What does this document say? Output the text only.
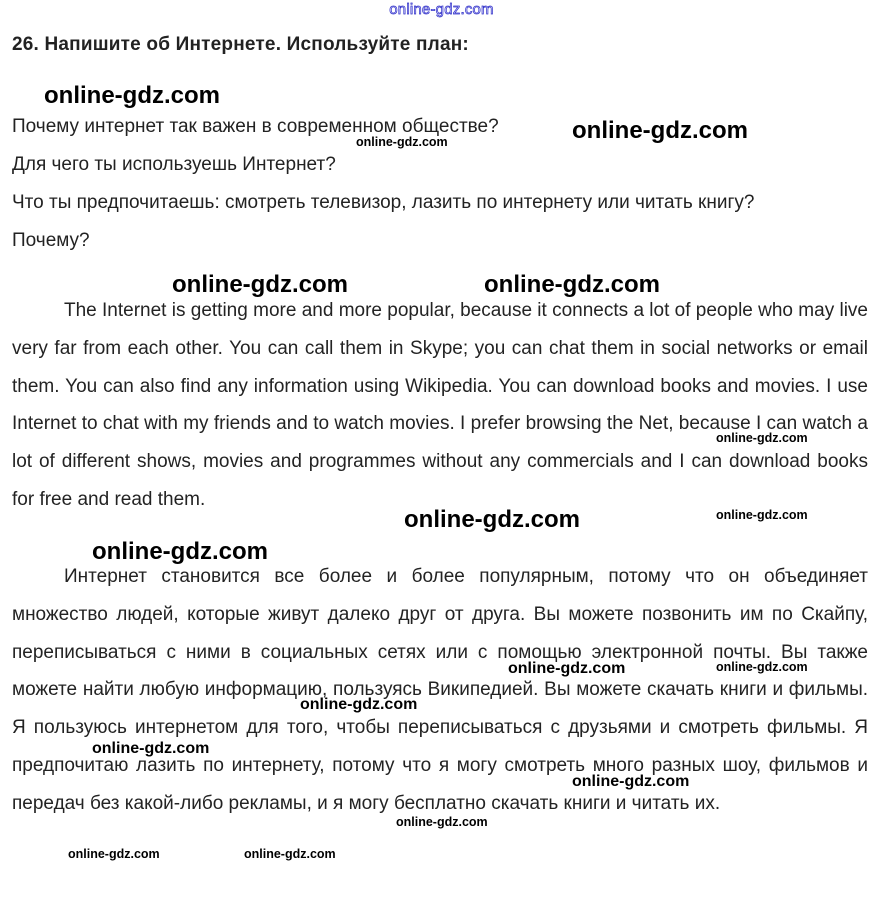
online-gdz.com
26. Напишите об Интернете. Используйте план:
Почему интернет так важен в современном обществе?
Для чего ты используешь Интернет?
Что ты предпочитаешь: смотреть телевизор, лазить по интернету или читать книгу?
Почему?

The Internet is getting more and more popular, because it connects a lot of people who may live very far from each other. You can call them in Skype; you can chat them in social networks or email them. You can also find any information using Wikipedia. You can download books and movies. I use Internet to chat with my friends and to watch movies. I prefer browsing the Net, because I can watch a lot of different shows, movies and programmes without any commercials and I can download books for free and read them.

Интернет становится все более и более популярным, потому что он объединяет множество людей, которые живут далеко друг от друга. Вы можете позвонить им по Скайпу, переписываться с ними в социальных сетях или с помощью электронной почты. Вы также можете найти любую информацию, пользуясь Википедией. Вы можете скачать книги и фильмы. Я пользуюсь интернетом для того, чтобы переписываться с друзьями и смотреть фильмы. Я предпочитаю лазить по интернету, потому что я могу смотреть много разных шоу, фильмов и передач без какой-либо рекламы, и я могу бесплатно скачать книги и читать их.

online-gdz.com
online-gdz.com
online-gdz.com
online-gdz.com	online-gdz.com
online-gdz.com
online-gdz.com	online-gdz.com
online-gdz.com
online-gdz.com	online-gdz.com
online-gdz.com
online-gdz.com
online-gdz.com
online-gdz.com
online-gdz.com	online-gdz.com
